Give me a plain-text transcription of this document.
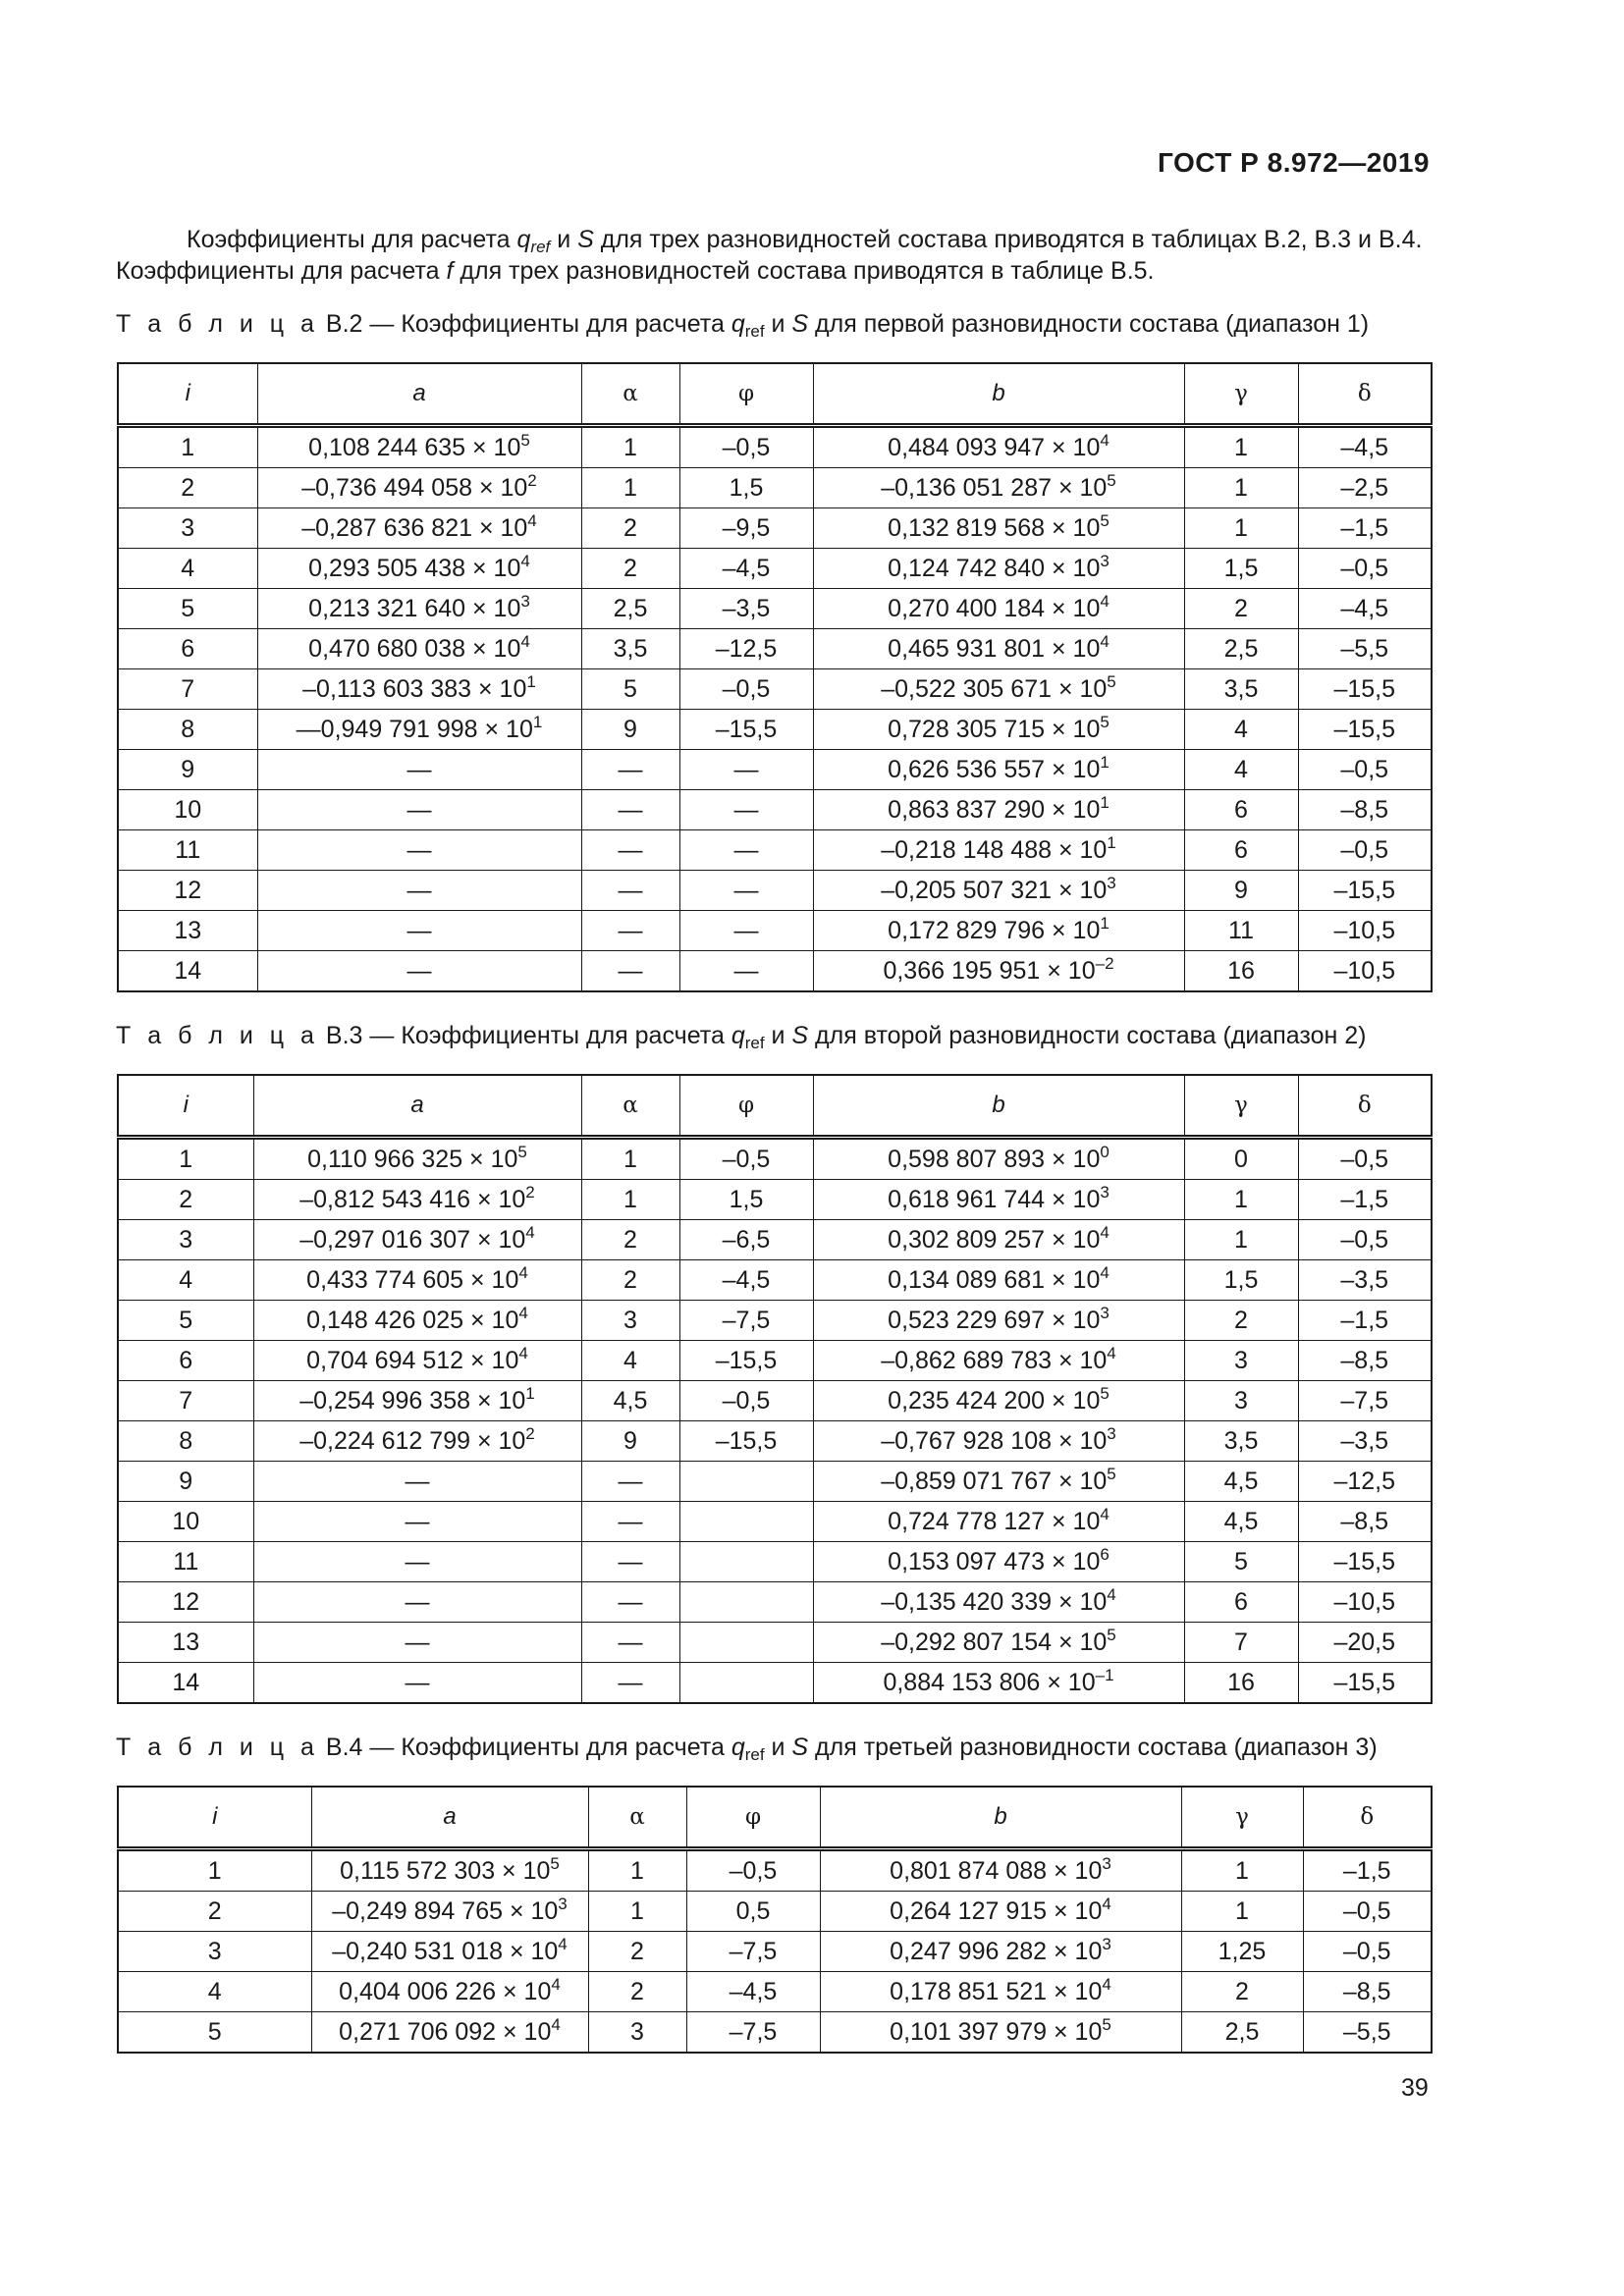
ГОСТ Р 8.972—2019

Коэффициенты для расчета $q_{ref}$ и S для трех разновидностей состава приводятся в таблицах В.2, В.3 и В.4.

Коэффициенты для расчета f для трех разновидностей состава приводятся в таблице В.5.

Т а б л и ц а В.2 — Коэффициенты для расчета $q_{ref}$ и S для первой разновидности состава (диапазон 1)
i	a	α	φ	b	γ	δ
1	0,108 244 $635 \times 10^5$	1	–0,5	0,484 093 $947 \times 10^4$	1	–4,5
2	–0,736 494 $058 \times 10^2$	1	1,5	–0,136 051 $287 \times 10^5$	1	–2,5
3	–0,287 636 $821 \times 10^4$	2	–9,5	0,132 819 $568 \times 10^5$	1	–1,5
4	0,293 505 $438 \times 10^4$	2	–4,5	0,124 742 $840 \times 10^3$	1,5	–0,5
5	0,213 321 $640 \times 10^3$	2,5	–3,5	0,270 400 $184 \times 10^4$	2	–4,5
6	0,470 680 $038 \times 10^4$	3,5	–12,5	0,465 931 $801 \times 10^4$	2,5	–5,5
7	–0,113 603 $383 \times 10^1$	5	–0,5	–0,522 305 $671 \times 10^5$	3,5	–15,5
8	—0,949 791 $998 \times 10^1$	9	–15,5	0,728 305 $715 \times 10^5$	4	–15,5
9	—	—	—	0,626 536 $557 \times 10^1$	4	–0,5
10	—	—	—	0,863 837 $290 \times 10^1$	6	–8,5
11	—	—	—	–0,218 148 $488 \times 10^1$	6	–0,5
12	—	—	—	–0,205 507 $321 \times 10^3$	9	–15,5
13	—	—	—	0,172 829 $796 \times 10^1$	11	–10,5
14	—	—	—	0,366 195 $951 \times 10^{-2}$	16	–10,5
Т а б л и ц а В.3 — Коэффициенты для расчета $q_{ref}$ и S для второй разновидности состава (диапазон 2)
i	a	α	φ	b	γ	δ
1	0,110 966 $325 \times 10^5$	1	–0,5	0,598 807 $893 \times 10^0$	0	–0,5
2	–0,812 543 $416 \times 10^2$	1	1,5	0,618 961 $744 \times 10^3$	1	–1,5
3	–0,297 016 $307 \times 10^4$	2	–6,5	0,302 809 $257 \times 10^4$	1	–0,5
4	0,433 774 $605 \times 10^4$	2	–4,5	0,134 089 $681 \times 10^4$	1,5	–3,5
5	0,148 426 $025 \times 10^4$	3	–7,5	0,523 229 $697 \times 10^3$	2	–1,5
6	0,704 694 $512 \times 10^4$	4	–15,5	–0,862 689 $783 \times 10^4$	3	–8,5
7	–0,254 996 $358 \times 10^1$	4,5	–0,5	0,235 424 $200 \times 10^5$	3	–7,5
8	–0,224 612 $799 \times 10^2$	9	–15,5	–0,767 928 $108 \times 10^3$	3,5	–3,5
9	—	—		–0,859 071 $767 \times 10^5$	4,5	–12,5
10	—	—		0,724 778 $127 \times 10^4$	4,5	–8,5
11	—	—		0,153 097 $473 \times 10^6$	5	–15,5
12	—	—		–0,135 420 $339 \times 10^4$	6	–10,5
13	—	—		–0,292 807 $154 \times 10^5$	7	–20,5
14	—	—		0,884 153 $806 \times 10^{-1}$	16	–15,5
Т а б л и ц а В.4 — Коэффициенты для расчета $q_{ref}$ и S для третьей разновидности состава (диапазон 3)
i	a	α	φ	b	γ	δ
1	0,115 572 $303 \times 10^5$	1	–0,5	0,801 874 $088 \times 10^3$	1	–1,5
2	–0,249 894 $765 \times 10^3$	1	0,5	0,264 127 $915 \times 10^4$	1	–0,5
3	–0,240 531 $018 \times 10^4$	2	–7,5	0,247 996 $282 \times 10^3$	1,25	–0,5
4	0,404 006 $226 \times 10^4$	2	–4,5	0,178 851 $521 \times 10^4$	2	–8,5
5	0,271 706 $092 \times 10^4$	3	–7,5	0,101 397 $979 \times 10^5$	2,5	–5,5
39
